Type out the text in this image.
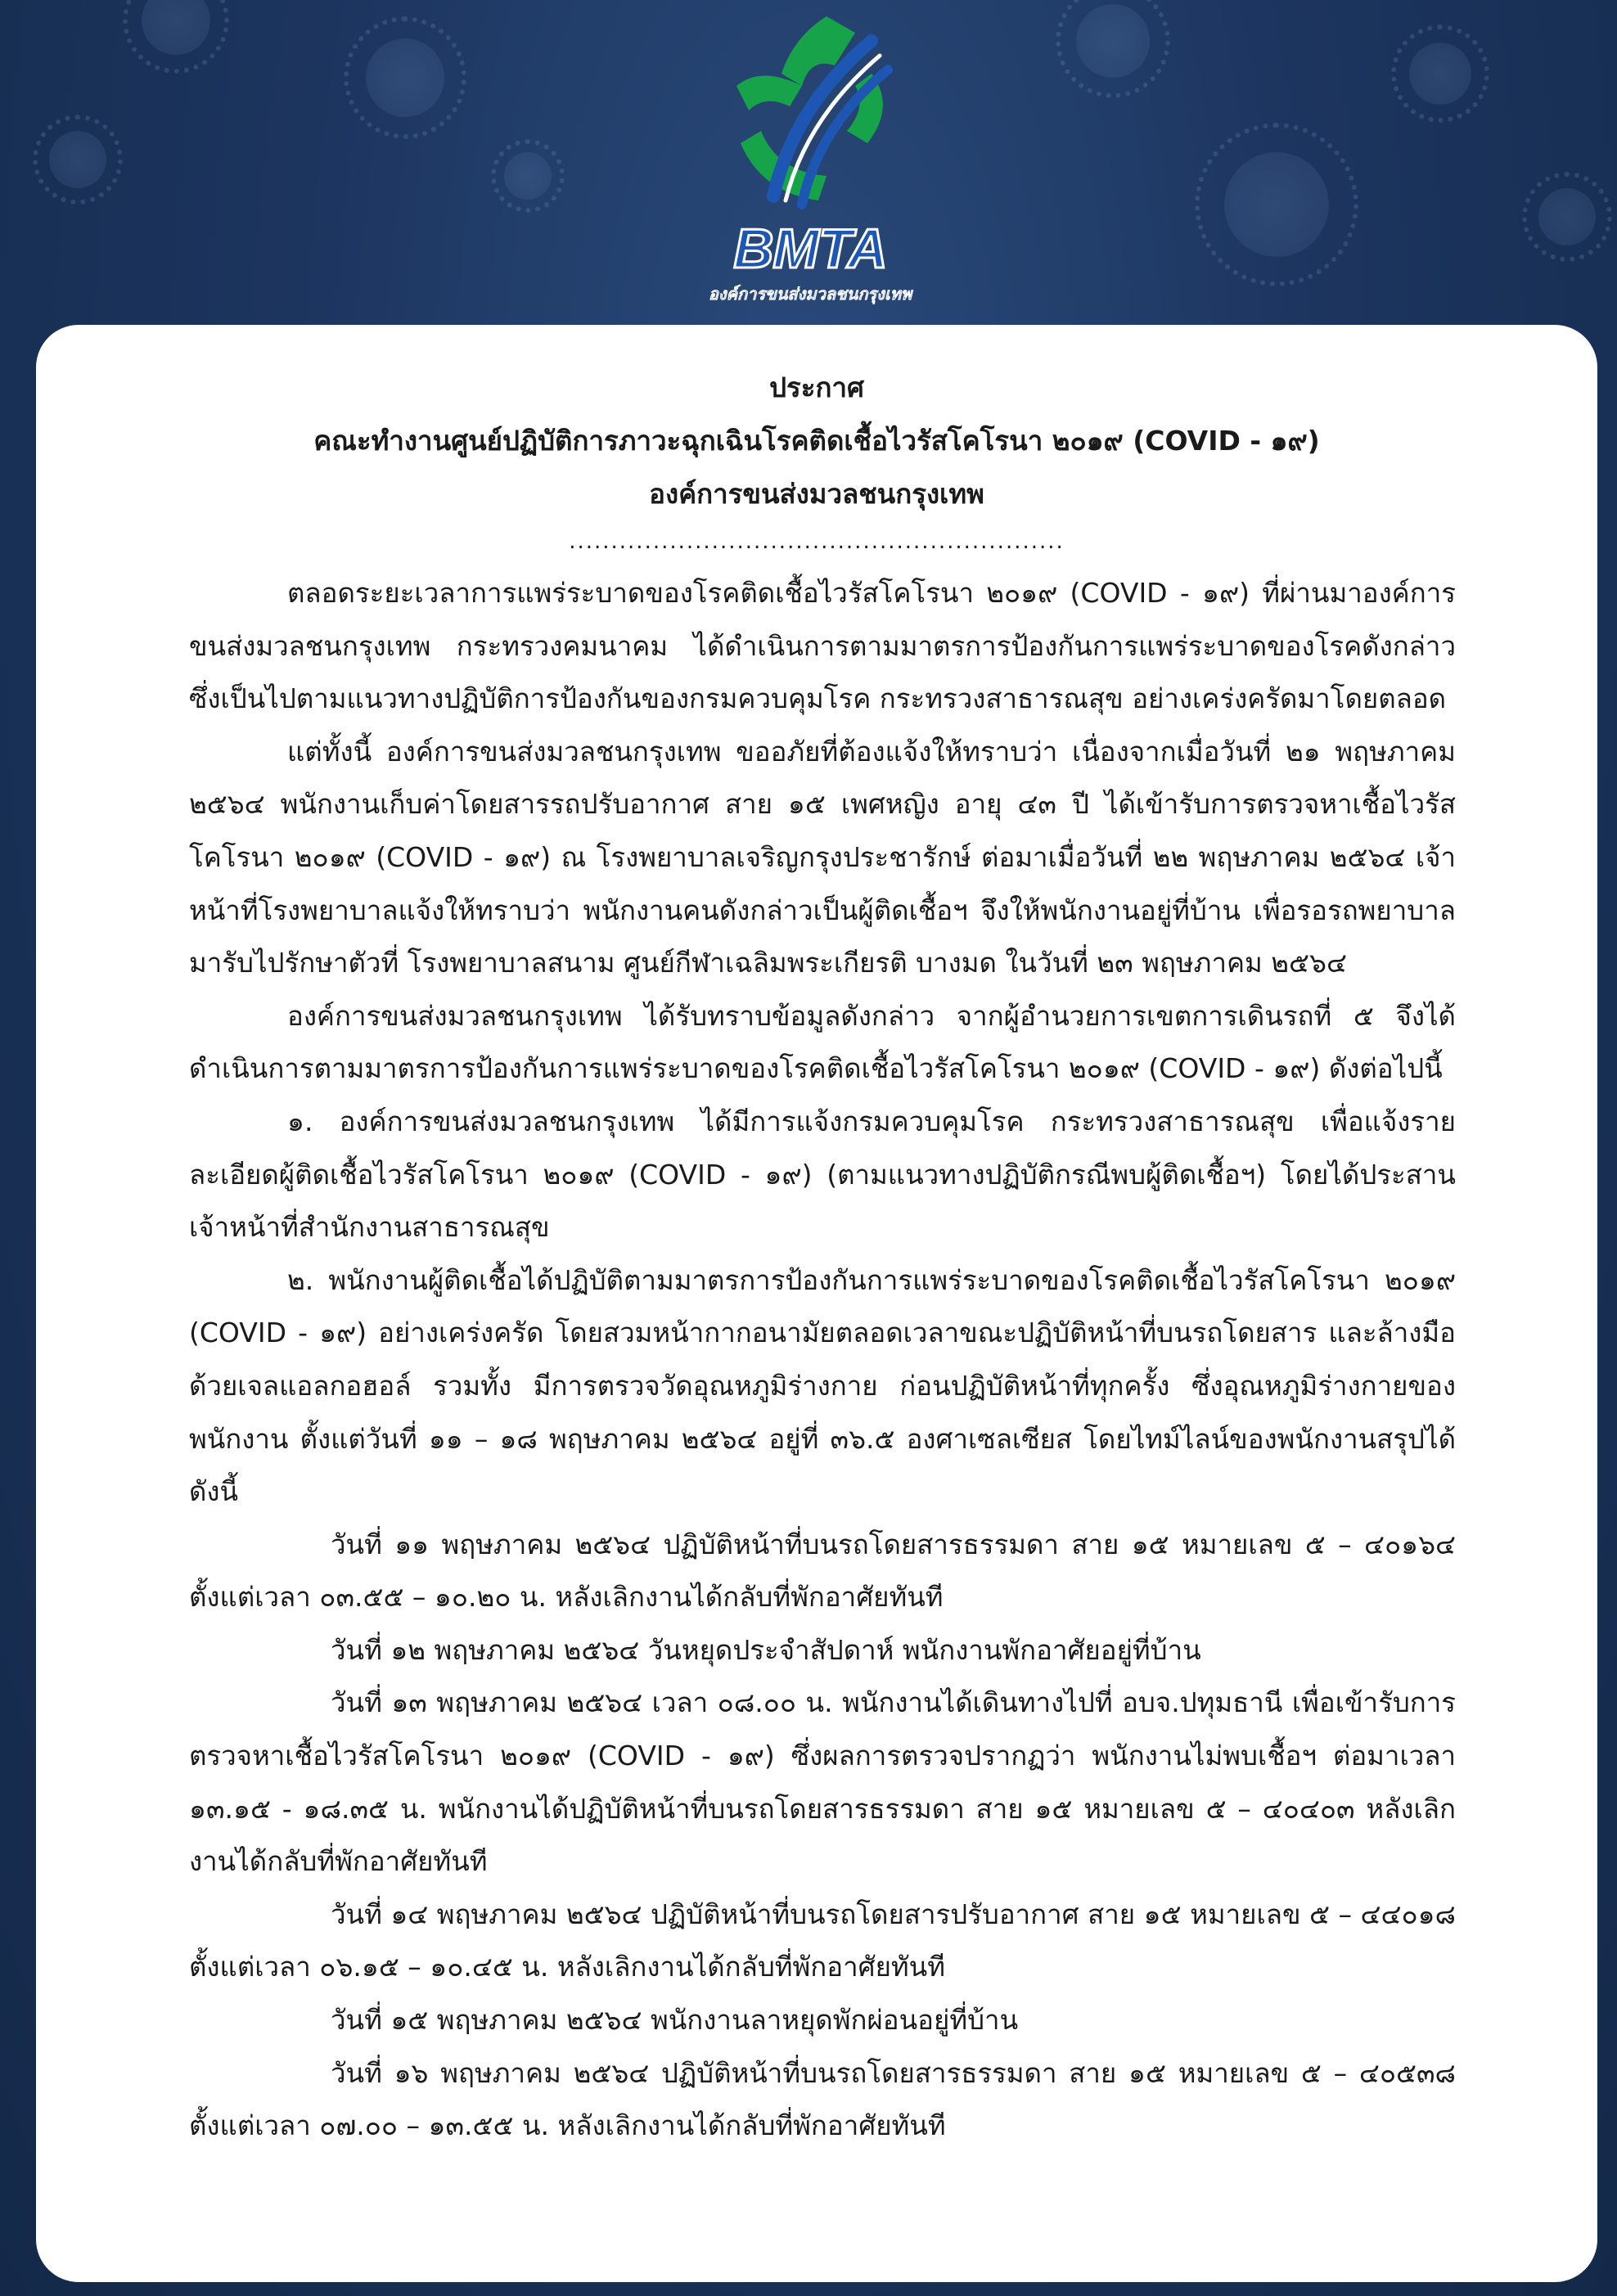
BMTA
องค์การขนส่งมวลชนกรุงเทพ
ประกาศ
คณะทำงานศูนย์ปฏิบัติการภาวะฉุกเฉินโรคติดเชื้อไวรัสโคโรนา ๒๐๑๙ (COVID - ๑๙)
องค์การขนส่งมวลชนกรุงเทพ
...........................................................

ตลอดระยะเวลาการแพร่ระบาดของโรคติดเชื้อไวรัสโคโรนา ๒๐๑๙ (COVID - ๑๙) ที่ผ่านมาองค์การขนส่งมวลชนกรุงเทพ กระทรวงคมนาคม ได้ดำเนินการตามมาตรการป้องกันการแพร่ระบาดของโรคดังกล่าว ซึ่งเป็นไปตามแนวทางปฏิบัติการป้องกันของกรมควบคุมโรค กระทรวงสาธารณสุข อย่างเคร่งครัดมาโดยตลอด

แต่ทั้งนี้ องค์การขนส่งมวลชนกรุงเทพ ขออภัยที่ต้องแจ้งให้ทราบว่า เนื่องจากเมื่อวันที่ ๒๑ พฤษภาคม ๒๕๖๔ พนักงานเก็บค่าโดยสารรถปรับอากาศ สาย ๑๕ เพศหญิง อายุ ๔๓ ปี ได้เข้ารับการตรวจหาเชื้อไวรัสโคโรนา ๒๐๑๙ (COVID - ๑๙) ณ โรงพยาบาลเจริญกรุงประชารักษ์ ต่อมาเมื่อวันที่ ๒๒ พฤษภาคม ๒๕๖๔ เจ้าหน้าที่โรงพยาบาลแจ้งให้ทราบว่า พนักงานคนดังกล่าวเป็นผู้ติดเชื้อฯ จึงให้พนักงานอยู่ที่บ้าน เพื่อรอรถพยาบาลมารับไปรักษาตัวที่ โรงพยาบาลสนาม ศูนย์กีฬาเฉลิมพระเกียรติ บางมด ในวันที่ ๒๓ พฤษภาคม ๒๕๖๔

องค์การขนส่งมวลชนกรุงเทพ ได้รับทราบข้อมูลดังกล่าว จากผู้อำนวยการเขตการเดินรถที่ ๕ จึงได้ดำเนินการตามมาตรการป้องกันการแพร่ระบาดของโรคติดเชื้อไวรัสโคโรนา ๒๐๑๙ (COVID - ๑๙) ดังต่อไปนี้

๑. องค์การขนส่งมวลชนกรุงเทพ ได้มีการแจ้งกรมควบคุมโรค กระทรวงสาธารณสุข เพื่อแจ้งรายละเอียดผู้ติดเชื้อไวรัสโคโรนา ๒๐๑๙ (COVID - ๑๙) (ตามแนวทางปฏิบัติกรณีพบผู้ติดเชื้อฯ) โดยได้ประสานเจ้าหน้าที่สำนักงานสาธารณสุข

๒. พนักงานผู้ติดเชื้อได้ปฏิบัติตามมาตรการป้องกันการแพร่ระบาดของโรคติดเชื้อไวรัสโคโรนา ๒๐๑๙ (COVID - ๑๙) อย่างเคร่งครัด โดยสวมหน้ากากอนามัยตลอดเวลาขณะปฏิบัติหน้าที่บนรถโดยสาร และล้างมือด้วยเจลแอลกอฮอล์ รวมทั้ง มีการตรวจวัดอุณหภูมิร่างกาย ก่อนปฏิบัติหน้าที่ทุกครั้ง ซึ่งอุณหภูมิร่างกายของพนักงาน ตั้งแต่วันที่ ๑๑ – ๑๘ พฤษภาคม ๒๕๖๔ อยู่ที่ ๓๖.๕ องศาเซลเซียส โดยไทม์ไลน์ของพนักงานสรุปได้ ดังนี้

วันที่ ๑๑ พฤษภาคม ๒๕๖๔ ปฏิบัติหน้าที่บนรถโดยสารธรรมดา สาย ๑๕ หมายเลข ๕ – ๔๐๑๖๔ ตั้งแต่เวลา ๐๓.๕๕ – ๑๐.๒๐ น. หลังเลิกงานได้กลับที่พักอาศัยทันที

วันที่ ๑๒ พฤษภาคม ๒๕๖๔ วันหยุดประจำสัปดาห์ พนักงานพักอาศัยอยู่ที่บ้าน

วันที่ ๑๓ พฤษภาคม ๒๕๖๔ เวลา ๐๘.๐๐ น. พนักงานได้เดินทางไปที่ อบจ.ปทุมธานี เพื่อเข้ารับการตรวจหาเชื้อไวรัสโคโรนา ๒๐๑๙ (COVID - ๑๙) ซึ่งผลการตรวจปรากฏว่า พนักงานไม่พบเชื้อฯ ต่อมาเวลา ๑๓.๑๕ - ๑๘.๓๕ น. พนักงานได้ปฏิบัติหน้าที่บนรถโดยสารธรรมดา สาย ๑๕ หมายเลข ๕ – ๔๐๔๐๓ หลังเลิกงานได้กลับที่พักอาศัยทันที

วันที่ ๑๔ พฤษภาคม ๒๕๖๔ ปฏิบัติหน้าที่บนรถโดยสารปรับอากาศ สาย ๑๕ หมายเลข ๕ – ๔๔๐๑๘ ตั้งแต่เวลา ๐๖.๑๕ – ๑๐.๔๕ น. หลังเลิกงานได้กลับที่พักอาศัยทันที

วันที่ ๑๕ พฤษภาคม ๒๕๖๔ พนักงานลาหยุดพักผ่อนอยู่ที่บ้าน

วันที่ ๑๖ พฤษภาคม ๒๕๖๔ ปฏิบัติหน้าที่บนรถโดยสารธรรมดา สาย ๑๕ หมายเลข ๕ – ๔๐๕๓๘ ตั้งแต่เวลา ๐๗.๐๐ – ๑๓.๕๕ น. หลังเลิกงานได้กลับที่พักอาศัยทันที
